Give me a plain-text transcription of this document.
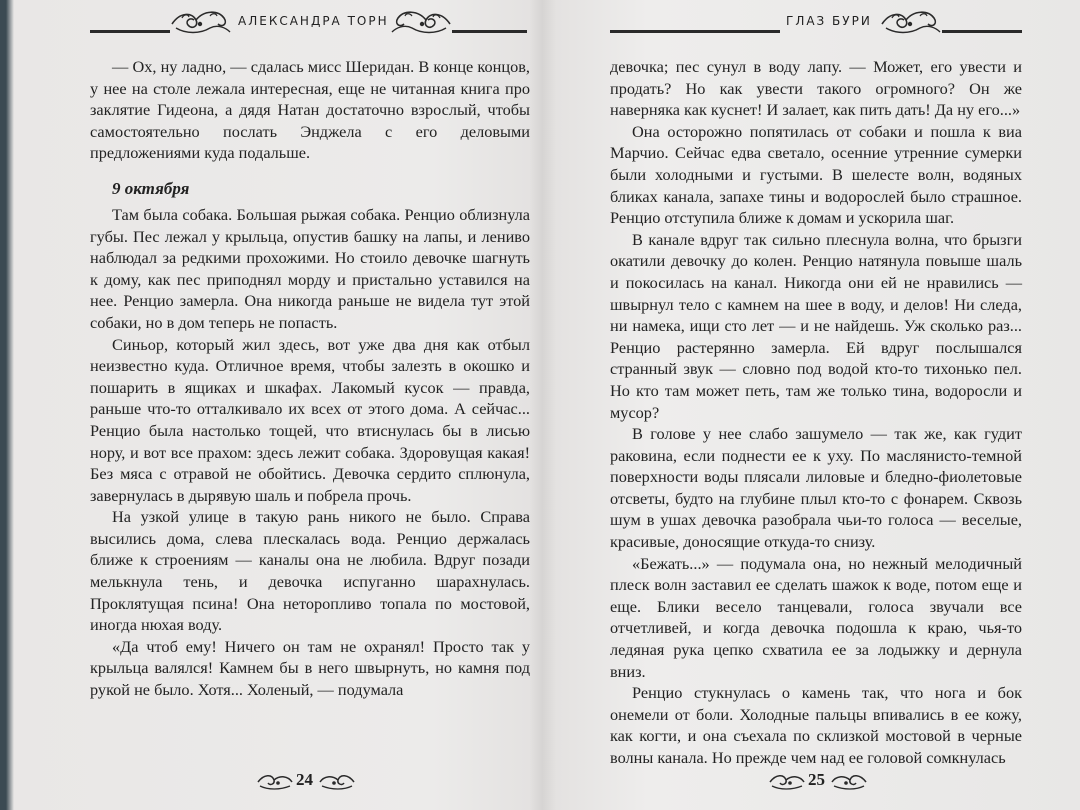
АЛЕКСАНДРА ТОРН

— Ох, ну ладно, — сдалась мисс Шеридан. В конце концов, у нее на столе лежала интересная, еще не читанная книга про заклятие Гидеона, а дядя Натан достаточно взрослый, чтобы самостоятельно послать Энджела с его деловыми предложениями куда подальше.

9 октября

Там была собака. Большая рыжая собака. Ренцио облизнула губы. Пес лежал у крыльца, опустив башку на лапы, и лениво наблюдал за редкими прохожими. Но стоило девочке шагнуть к дому, как пес приподнял морду и пристально уставился на нее. Ренцио замерла. Она никогда раньше не видела тут этой собаки, но в дом теперь не попасть.

Синьор, который жил здесь, вот уже два дня как отбыл неизвестно куда. Отличное время, чтобы залезть в окошко и пошарить в ящиках и шкафах. Лакомый кусок — правда, раньше что-то отталкивало их всех от этого дома. А сейчас... Ренцио была настолько тощей, что втиснулась бы в лисью нору, и вот все прахом: здесь лежит собака. Здоровущая какая! Без мяса с отравой не обойтись. Девочка сердито сплюнула, завернулась в дырявую шаль и побрела прочь.

На узкой улице в такую рань никого не было. Справа высились дома, слева плескалась вода. Ренцио держалась ближе к строениям — каналы она не любила. Вдруг позади мелькнула тень, и девочка испуганно шарахнулась. Проклятущая псина! Она неторопливо топала по мостовой, иногда нюхая воду.

«Да чтоб ему! Ничего он там не охранял! Просто так у крыльца валялся! Камнем бы в него швырнуть, но камня под рукой не было. Хотя... Холеный, — подумала

24
ГЛАЗ БУРИ

девочка; пес сунул в воду лапу. — Может, его увести и продать? Но как увести такого огромного? Он же наверняка как куснет! И залает, как пить дать! Да ну его...»

Она осторожно попятилась от собаки и пошла к виа Марчио. Сейчас едва светало, осенние утренние сумерки были холодными и густыми. В шелесте волн, водяных бликах канала, запахе тины и водорослей было страшное. Ренцио отступила ближе к домам и ускорила шаг.

В канале вдруг так сильно плеснула волна, что брызги окатили девочку до колен. Ренцио натянула повыше шаль и покосилась на канал. Никогда они ей не нравились — швырнул тело с камнем на шее в воду, и делов! Ни следа, ни намека, ищи сто лет — и не найдешь. Уж сколько раз... Ренцио растерянно замерла. Ей вдруг послышался странный звук — словно под водой кто-то тихонько пел. Но кто там может петь, там же только тина, водоросли и мусор?

В голове у нее слабо зашумело — так же, как гудит раковина, если поднести ее к уху. По маслянисто-темной поверхности воды плясали лиловые и бледно-фиолетовые отсветы, будто на глубине плыл кто-то с фонарем. Сквозь шум в ушах девочка разобрала чьи-то голоса — веселые, красивые, доносящие откуда-то снизу.

«Бежать...» — подумала она, но нежный мелодичный плеск волн заставил ее сделать шажок к воде, потом еще и еще. Блики весело танцевали, голоса звучали все отчетливей, и когда девочка подошла к краю, чья-то ледяная рука цепко схватила ее за лодыжку и дернула вниз.

Ренцио стукнулась о камень так, что нога и бок онемели от боли. Холодные пальцы впивались в ее кожу, как когти, и она съехала по склизкой мостовой в черные волны канала. Но прежде чем над ее головой сомкнулась

25
